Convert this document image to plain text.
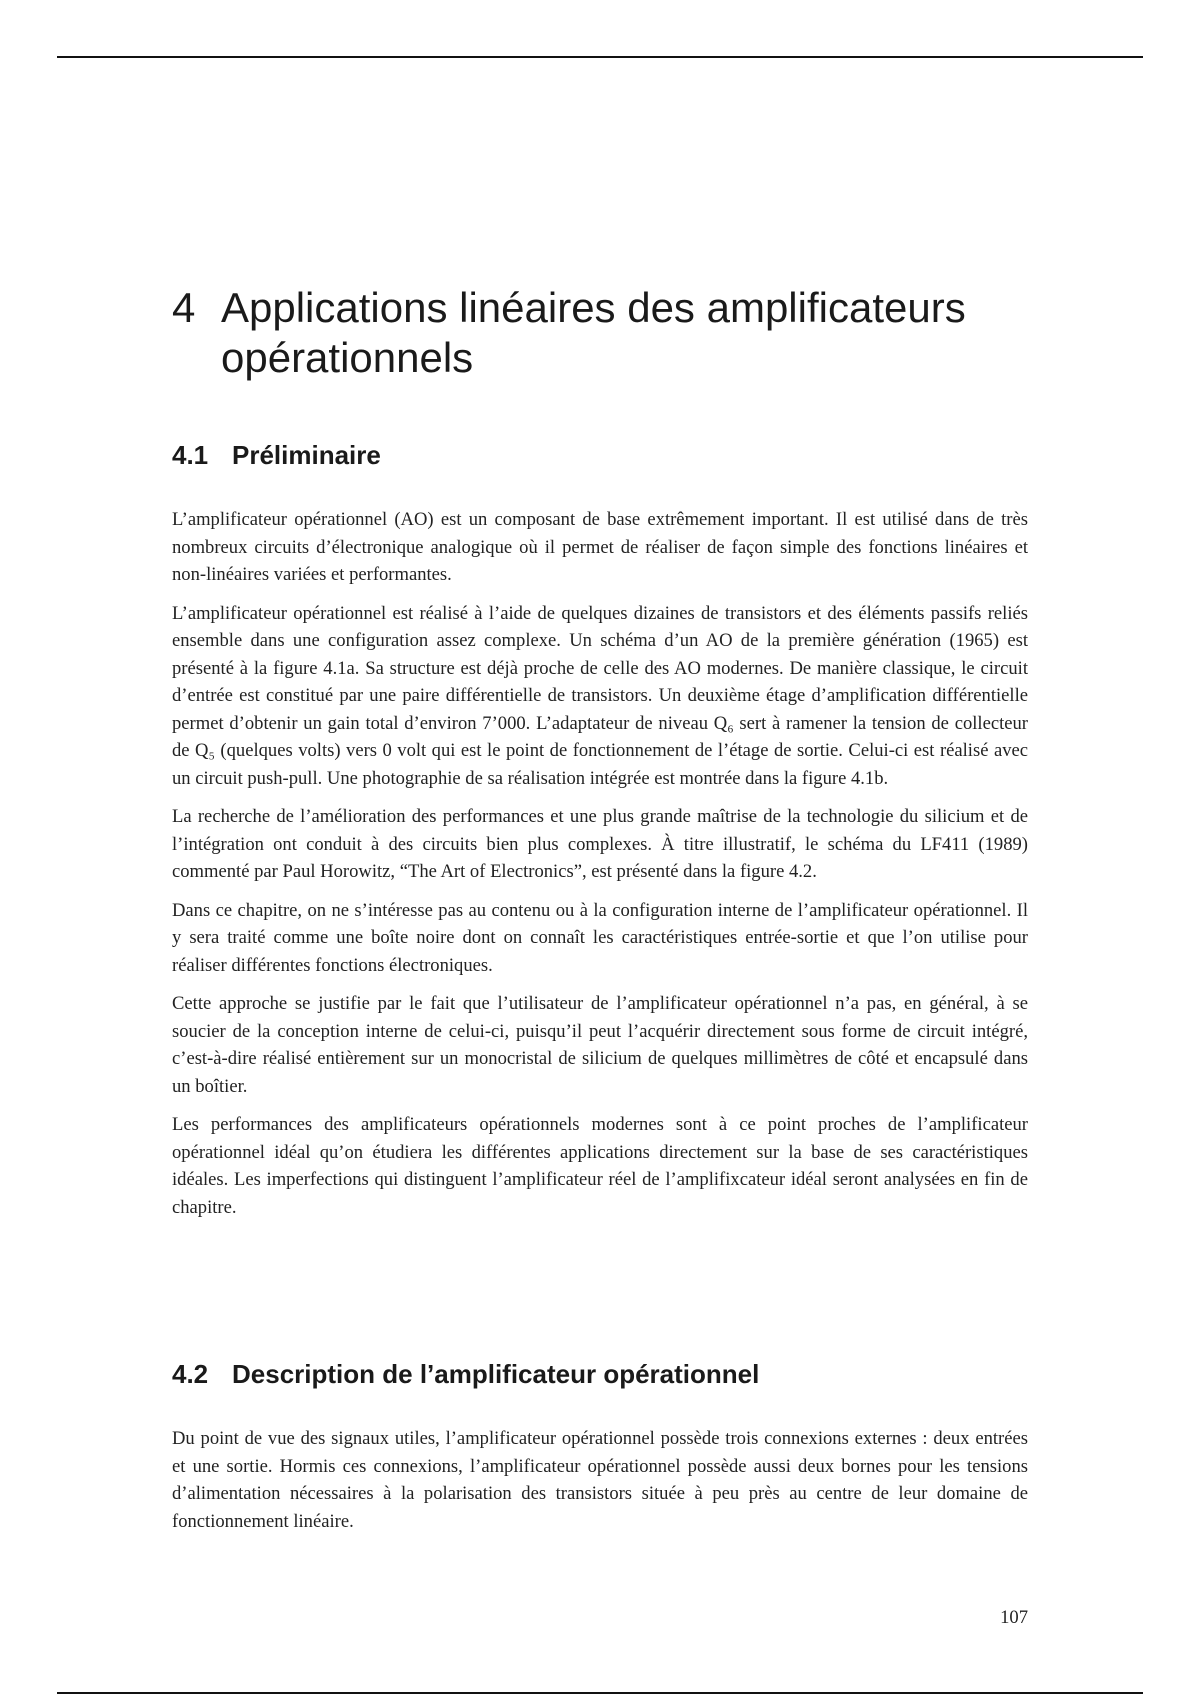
4 Applications linéaires des amplificateurs opérationnels
4.1 Préliminaire

L’amplificateur opérationnel (AO) est un composant de base extrêmement important. Il est utilisé dans de très nombreux circuits d’électronique analogique où il permet de réaliser de façon simple des fonctions linéaires et non-linéaires variées et performantes.

L’amplificateur opérationnel est réalisé à l’aide de quelques dizaines de transistors et des éléments passifs reliés ensemble dans une configuration assez complexe. Un schéma d’un AO de la première génération (1965) est présenté à la figure 4.1a. Sa structure est déjà proche de celle des AO modernes. De manière classique, le circuit d’entrée est constitué par une paire différentielle de transistors. Un deuxième étage d’amplification différentielle permet d’obtenir un gain total d’environ 7’000. L’adaptateur de niveau Q₆ sert à ramener la tension de collecteur de Q₅ (quelques volts) vers 0 volt qui est le point de fonctionnement de l’étage de sortie. Celui-ci est réalisé avec un circuit push-pull. Une photographie de sa réalisation intégrée est montrée dans la figure 4.1b.

La recherche de l’amélioration des performances et une plus grande maîtrise de la technologie du silicium et de l’intégration ont conduit à des circuits bien plus complexes. À titre illustratif, le schéma du LF411 (1989) commenté par Paul Horowitz, “The Art of Electronics”, est présenté dans la figure 4.2.

Dans ce chapitre, on ne s’intéresse pas au contenu ou à la configuration interne de l’amplificateur opérationnel. Il y sera traité comme une boîte noire dont on connaît les caractéristiques entrée-sortie et que l’on utilise pour réaliser différentes fonctions électroniques.

Cette approche se justifie par le fait que l’utilisateur de l’amplificateur opérationnel n’a pas, en général, à se soucier de la conception interne de celui-ci, puisqu’il peut l’acquérir directement sous forme de circuit intégré, c’est-à-dire réalisé entièrement sur un monocristal de silicium de quelques millimètres de côté et encapsulé dans un boîtier.

Les performances des amplificateurs opérationnels modernes sont à ce point proches de l’amplificateur opérationnel idéal qu’on étudiera les différentes applications directement sur la base de ses caractéristiques idéales. Les imperfections qui distinguent l’amplificateur réel de l’amplifixcateur idéal seront analysées en fin de chapitre.

4.2 Description de l’amplificateur opérationnel

Du point de vue des signaux utiles, l’amplificateur opérationnel possède trois connexions externes : deux entrées et une sortie. Hormis ces connexions, l’amplificateur opérationnel possède aussi deux bornes pour les tensions d’alimentation nécessaires à la polarisation des transistors située à peu près au centre de leur domaine de fonctionnement linéaire.

107
